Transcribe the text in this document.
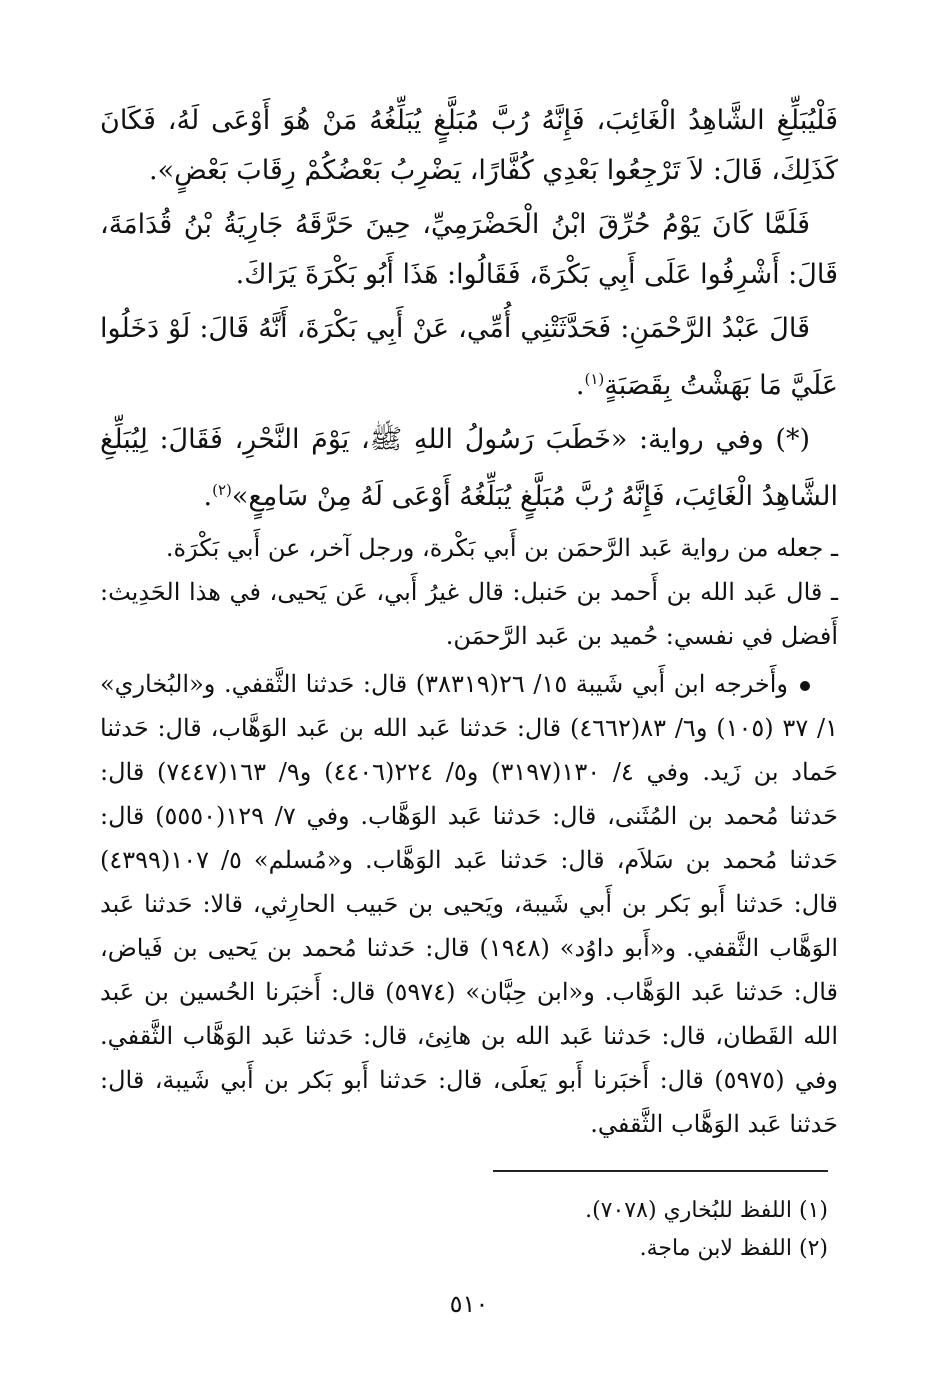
فَلْيُبَلِّغِ الشَّاهِدُ الْغَائِبَ، فَإِنَّهُ رُبَّ مُبَلَّغٍ يُبَلِّغُهُ مَنْ هُوَ أَوْعَى لَهُ، فَكَانَ كَذَلِكَ، قَالَ: لاَ تَرْجِعُوا بَعْدِي كُفَّارًا، يَضْرِبُ بَعْضُكُمْ رِقَابَ بَعْضٍ».

فَلَمَّا كَانَ يَوْمُ حُرِّقَ ابْنُ الْحَضْرَمِيِّ، حِينَ حَرَّقَهُ جَارِيَةُ بْنُ قُدَامَةَ، قَالَ: أَشْرِفُوا عَلَى أَبِي بَكْرَةَ، فَقَالُوا: هَذَا أَبُو بَكْرَةَ يَرَاكَ.

قَالَ عَبْدُ الرَّحْمَنِ: فَحَدَّثَتْنِي أُمِّي، عَنْ أَبِي بَكْرَةَ، أَنَّهُ قَالَ: لَوْ دَخَلُوا عَلَيَّ مَا بَهَشْتُ بِقَصَبَةٍ$^{(١)}$.

(*) وفي رواية: «خَطَبَ رَسُولُ اللهِ ﷺ، يَوْمَ النَّحْرِ، فَقَالَ: لِيُبَلِّغِ الشَّاهِدُ الْغَائِبَ، فَإِنَّهُ رُبَّ مُبَلَّغٍ يُبَلِّغُهُ أَوْعَى لَهُ مِنْ سَامِعٍ»$^{(٢)}$.

ـ جعله من رواية عَبد الرَّحمَن بن أَبي بَكْرة، ورجل آخر، عن أَبي بَكْرَة.

ـ قال عَبد الله بن أَحمد بن حَنبل: قال غيرُ أَبي، عَن يَحيى، في هذا الحَدِيث: أَفضل في نفسي: حُميد بن عَبد الرَّحمَن.

وأَخرجه ابن أَبي شَيبة ١٥/ ٢٦(٣٨٣١٩) قال: حَدثنا الثَّقفي. و«البُخاري» ١/ ٣٧ (١٠٥) و٦/ ٨٣(٤٦٦٢) قال: حَدثنا عَبد الله بن عَبد الوَهَّاب، قال: حَدثنا حَماد بن زَيد. وفي ٤/ ١٣٠(٣١٩٧) و٥/ ٢٢٤(٤٤٠٦) و٩/ ١٦٣(٧٤٤٧) قال: حَدثنا مُحمد بن المُثَنى، قال: حَدثنا عَبد الوَهَّاب. وفي ٧/ ١٢٩(٥٥٥٠) قال: حَدثنا مُحمد بن سَلاَم، قال: حَدثنا عَبد الوَهَّاب. و«مُسلم» ٥/ ١٠٧(٤٣٩٩) قال: حَدثنا أَبو بَكر بن أَبي شَيبة، ويَحيى بن حَبيب الحارِثي، قالا: حَدثنا عَبد الوَهَّاب الثَّقفي. و«أَبو داوُد» (١٩٤٨) قال: حَدثنا مُحمد بن يَحيى بن فَياض، قال: حَدثنا عَبد الوَهَّاب. و«ابن حِبَّان» (٥٩٧٤) قال: أَخبَرنا الحُسين بن عَبد الله القَطان، قال: حَدثنا عَبد الله بن هانِئ، قال: حَدثنا عَبد الوَهَّاب الثَّقفي. وفي (٥٩٧٥) قال: أَخبَرنا أَبو يَعلَى، قال: حَدثنا أَبو بَكر بن أَبي شَيبة، قال: حَدثنا عَبد الوَهَّاب الثَّقفي.

(١) اللفظ للبُخاري (٧٠٧٨).

(٢) اللفظ لابن ماجة.

٥١٠
